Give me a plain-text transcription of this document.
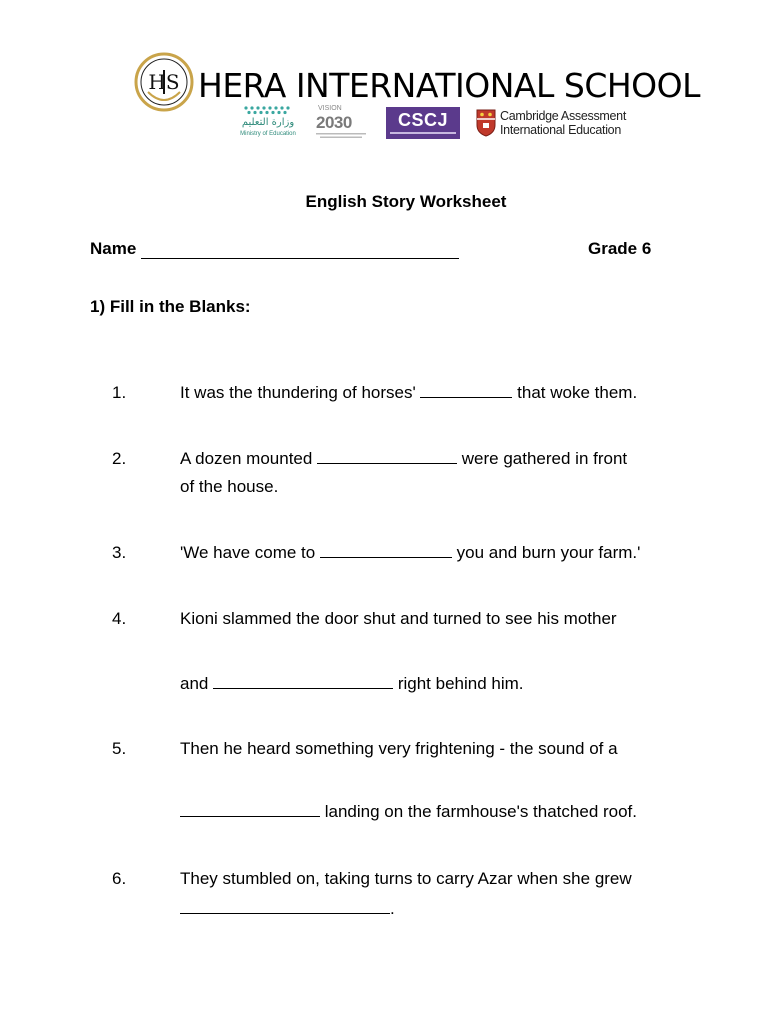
HS HERA INTERNATIONAL SCHOOL
وزارة التعليم
Ministry of Education
VISION
2030	CSCJ	Cambridge Assessment
International Education
English Story Worksheet
Name	Grade 6
1) Fill in the Blanks:
1.	It was the thundering of horses'	that woke them.
2.	A dozen mounted	were gathered in front
of the house.
3.	'We have come to	you and burn your farm.'
4.	Kioni slammed the door shut and turned to see his mother
and	right behind him.
5.	Then he heard something very frightening - the sound of a
landing on the farmhouse's thatched roof.
6.	They stumbled on, taking turns to carry Azar when she grew
.
